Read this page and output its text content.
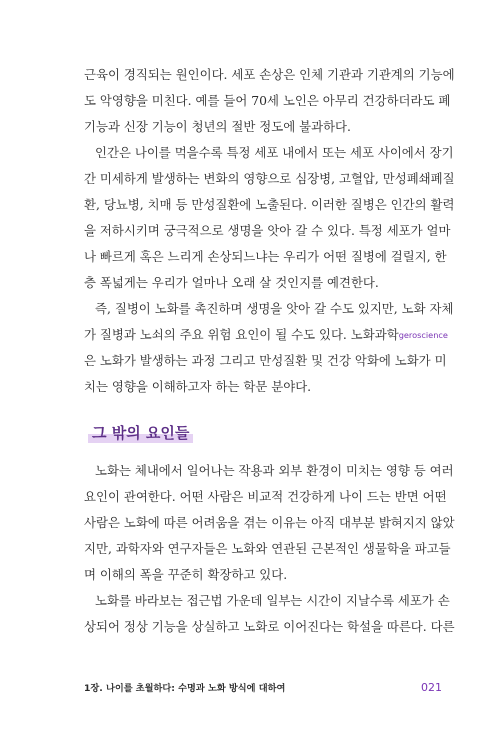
근육이 경직되는 원인이다. 세포 손상은 인체 기관과 기관계의 기능에
도 악영향을 미친다. 예를 들어 70세 노인은 아무리 건강하더라도 폐
기능과 신장 기능이 청년의 절반 정도에 불과하다.
인간은 나이를 먹을수록 특정 세포 내에서 또는 세포 사이에서 장기
간 미세하게 발생하는 변화의 영향으로 심장병, 고혈압, 만성폐쇄폐질
환, 당뇨병, 치매 등 만성질환에 노출된다. 이러한 질병은 인간의 활력
을 저하시키며 궁극적으로 생명을 앗아 갈 수 있다. 특정 세포가 얼마
나 빠르게 혹은 느리게 손상되느냐는 우리가 어떤 질병에 걸릴지, 한
층 폭넓게는 우리가 얼마나 오래 살 것인지를 예견한다.
즉, 질병이 노화를 촉진하며 생명을 앗아 갈 수도 있지만, 노화 자체
가 질병과 노쇠의 주요 위험 요인이 될 수도 있다. 노화과학geroscience
은 노화가 발생하는 과정 그리고 만성질환 및 건강 악화에 노화가 미
치는 영향을 이해하고자 하는 학문 분야다.
그 밖의 요인들
노화는 체내에서 일어나는 작용과 외부 환경이 미치는 영향 등 여러
요인이 관여한다. 어떤 사람은 비교적 건강하게 나이 드는 반면 어떤
사람은 노화에 따른 어려움을 겪는 이유는 아직 대부분 밝혀지지 않았
지만, 과학자와 연구자들은 노화와 연관된 근본적인 생물학을 파고들
며 이해의 폭을 꾸준히 확장하고 있다.
노화를 바라보는 접근법 가운데 일부는 시간이 지날수록 세포가 손
상되어 정상 기능을 상실하고 노화로 이어진다는 학설을 따른다. 다른
1장. 나이를 초월하다: 수명과 노화 방식에 대하여	021
